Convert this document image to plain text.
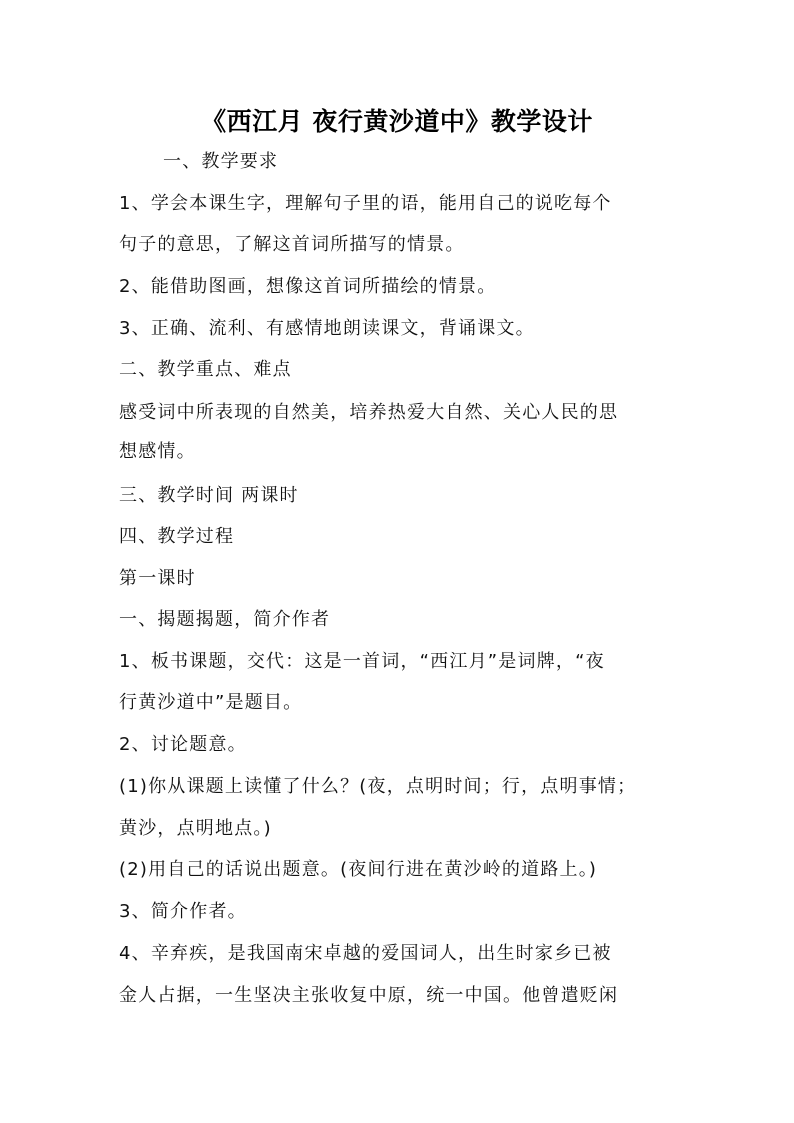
《西江月 夜行黄沙道中》教学设计
一、教学要求
1、学会本课生字，理解句子里的语，能用自己的说吃每个
句子的意思，了解这首词所描写的情景。
2、能借助图画，想像这首词所描绘的情景。
3、正确、流利、有感情地朗读课文，背诵课文。
二、教学重点、难点
感受词中所表现的自然美，培养热爱大自然、关心人民的思
想感情。
三、教学时间 两课时
四、教学过程
第一课时
一、揭题揭题，简介作者
1、板书课题，交代：这是一首词，“西江月”是词牌，“夜
行黄沙道中”是题目。
2、讨论题意。
(1)你从课题上读懂了什么？(夜，点明时间；行，点明事情；
黄沙，点明地点。)
(2)用自己的话说出题意。(夜间行进在黄沙岭的道路上。)
3、简介作者。
4、辛弃疾，是我国南宋卓越的爱国词人，出生时家乡已被
金人占据，一生坚决主张收复中原，统一中国。他曾遣贬闲
